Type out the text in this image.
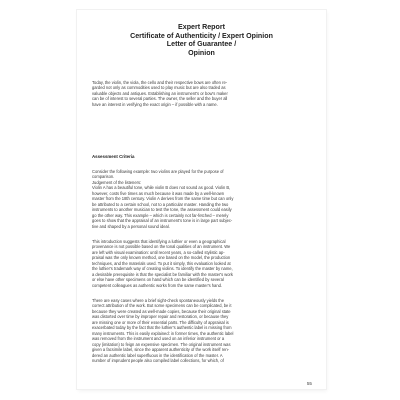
Expert Report
Certificate of Authenticity / Expert Opinion
Letter of Guarantee /
Opinion
Today, the violin, the viola, the cello and their respective bows are often re-
garded not only as commodities used to play music but are also traded as
valuable objects and antiques. Establishing an instrument's or bow's maker
can be of interest to several parties. The owner, the seller and the buyer all
have an interest in verifying the exact origin – if possible with a name.
Assessment Criteria
Consider the following example: two violins are played for the purpose of
comparison.
Judgement of the listeners:
Violin A has a beautiful tone, while violin B does not sound as good. Violin B,
however, costs five times as much because it was made by a well-known
master from the 18th century. Violin A derives from the same time but can only
be attributed to a certain school, not to a particular master. Handing the two
instruments to another musician to test the tone, the assessment could easily
go the other way. This example – which is certainly not far-fetched – merely
goes to show that the appraisal of an instrument's tone is in large part subjec-
tive and shaped by a personal sound ideal.
This introduction suggests that identifying a luthier or even a geographical
provenance is not possible based on the tonal qualities of an instrument. We
are left with visual examination: until recent years, a so-called stylistic ap-
praisal was the only known method, one based on the model, the production
techniques, and the materials used. To put it simply, this evaluation looked at
the luthier's trademark way of creating violins. To identify the master by name,
a desirable prerequisite is that the specialist be familiar with the master's work
or else have other specimens on hand which can be identified by several
competent colleagues as authentic works from the same master's hand.
There are easy cases where a brief sight-check spontaneously yields the
correct attribution of the work. But some specimens can be complicated, be it
because they were created as well-made copies, because their original state
was distorted over time by improper repair and restoration, or because they
are missing one or more of their essential parts. The difficulty of appraisal is
exacerbated today by the fact that the luthier's authentic label is missing from
many instruments. This is easily explained: in former times, the authentic label
was removed from the instrument and used on an inferior instrument or a
copy (imitation) to feign an expensive specimen. The original instrument was
given a facsimile label, since the apparent authenticity of the work itself ren-
dered an authentic label superfluous in the identification of the master. A
number of imprudent people also compiled label collections, for which, of
55
